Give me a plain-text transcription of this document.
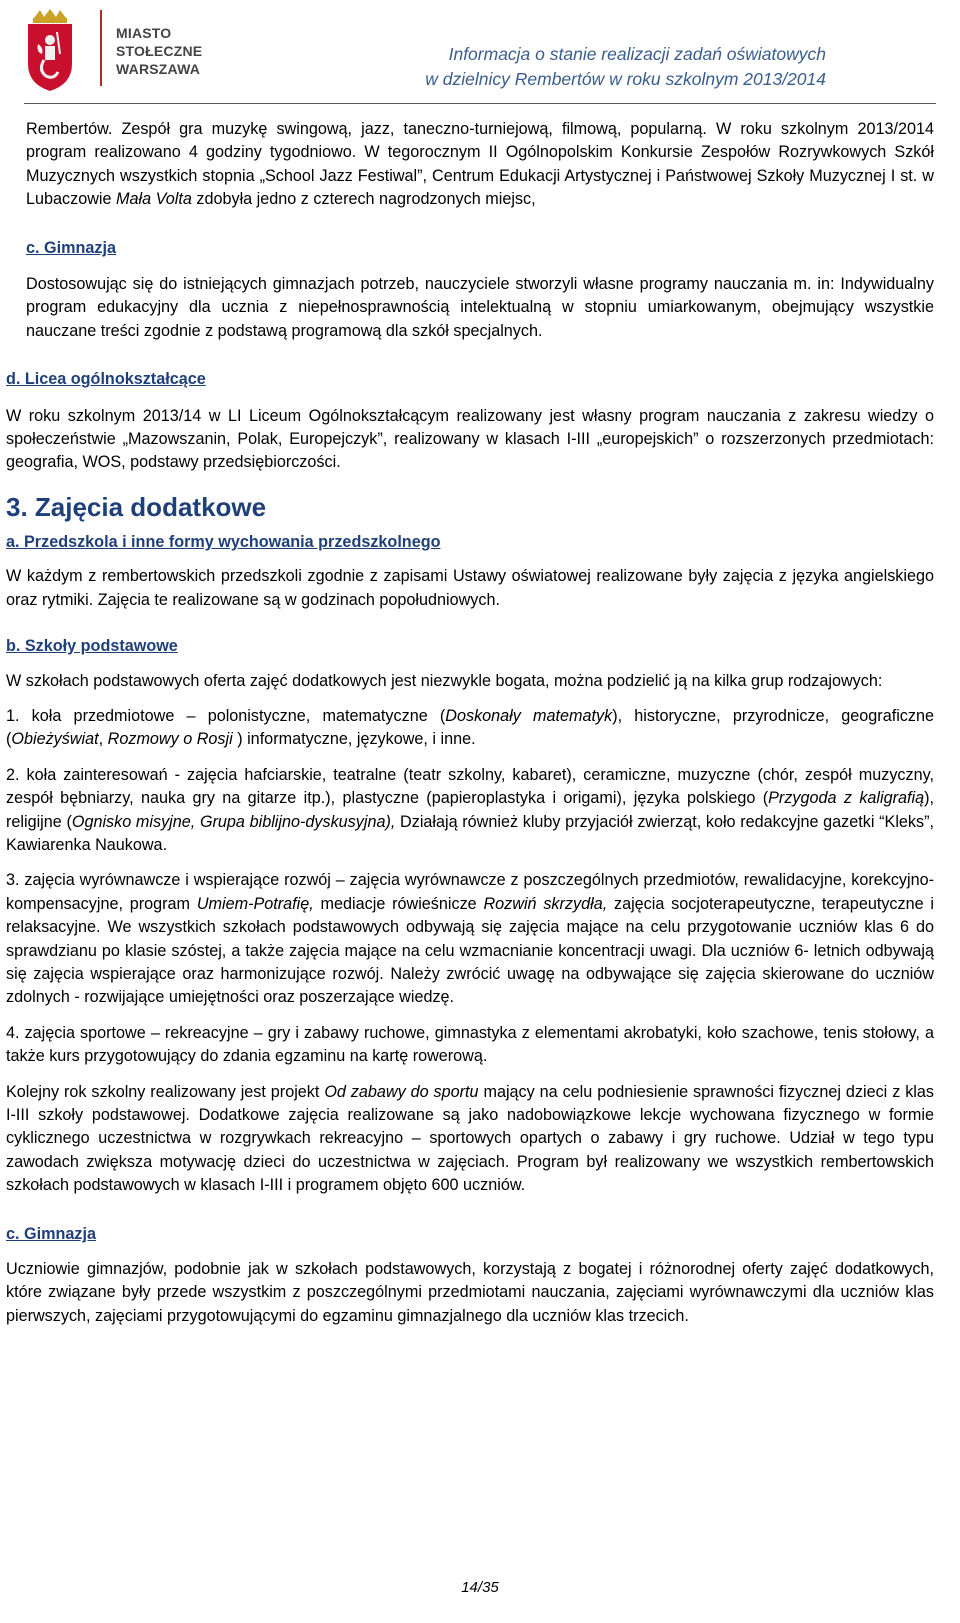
MIASTO
STOŁECZNE
WARSZAWA
Informacja o stanie realizacji zadań oświatowych
w dzielnicy Rembertów w roku szkolnym 2013/2014

Rembertów. Zespół gra muzykę swingową, jazz, taneczno-turniejową, filmową, popularną. W roku szkolnym 2013/2014 program realizowano 4 godziny tygodniowo. W tegorocznym II Ogólnopolskim Konkursie Zespołów Rozrywkowych Szkół Muzycznych wszystkich stopnia „School Jazz Festiwal”, Centrum Edukacji Artystycznej i Państwowej Szkoły Muzycznej I st. w Lubaczowie Mała Volta zdobyła jedno z czterech nagrodzonych miejsc,

c. Gimnazja

Dostosowując się do istniejących gimnazjach potrzeb, nauczyciele stworzyli własne programy nauczania m. in: Indywidualny program edukacyjny dla ucznia z niepełnosprawnością intelektualną w stopniu umiarkowanym, obejmujący wszystkie nauczane treści zgodnie z podstawą programową dla szkół specjalnych.

d. Licea ogólnokształcące

W roku szkolnym 2013/14 w LI Liceum Ogólnokształcącym realizowany jest własny program nauczania z zakresu wiedzy o społeczeństwie „Mazowszanin, Polak, Europejczyk”, realizowany w klasach I-III „europejskich” o rozszerzonych przedmiotach: geografia, WOS, podstawy przedsiębiorczości.

3. Zajęcia dodatkowe

a. Przedszkola i inne formy wychowania przedszkolnego

W każdym z rembertowskich przedszkoli zgodnie z zapisami Ustawy oświatowej realizowane były zajęcia z języka angielskiego oraz rytmiki. Zajęcia te realizowane są w godzinach popołudniowych.

b. Szkoły podstawowe

W szkołach podstawowych oferta zajęć dodatkowych jest niezwykle bogata, można podzielić ją na kilka grup rodzajowych:

1. koła przedmiotowe – polonistyczne, matematyczne (Doskonały matematyk), historyczne, przyrodnicze, geograficzne (Obieżyświat, Rozmowy o Rosji ) informatyczne, językowe, i inne.

2. koła zainteresowań - zajęcia hafciarskie, teatralne (teatr szkolny, kabaret), ceramiczne, muzyczne (chór, zespół muzyczny, zespół bębniarzy, nauka gry na gitarze itp.), plastyczne (papieroplastyka i origami), języka polskiego (Przygoda z kaligrafią), religijne (Ognisko misyjne, Grupa biblijno-dyskusyjna), Działają również kluby przyjaciół zwierząt, koło redakcyjne gazetki “Kleks”, Kawiarenka Naukowa.

3. zajęcia wyrównawcze i wspierające rozwój – zajęcia wyrównawcze z poszczególnych przedmiotów, rewalidacyjne, korekcyjno-kompensacyjne, program Umiem-Potrafię, mediacje rówieśnicze Rozwiń skrzydła, zajęcia socjoterapeutyczne, terapeutyczne i relaksacyjne. We wszystkich szkołach podstawowych odbywają się zajęcia mające na celu przygotowanie uczniów klas 6 do sprawdzianu po klasie szóstej, a także zajęcia mające na celu wzmacnianie koncentracji uwagi. Dla uczniów 6- letnich odbywają się zajęcia wspierające oraz harmonizujące rozwój. Należy zwrócić uwagę na odbywające się zajęcia skierowane do uczniów zdolnych - rozwijające umiejętności oraz poszerzające wiedzę.

4. zajęcia sportowe – rekreacyjne – gry i zabawy ruchowe, gimnastyka z elementami akrobatyki, koło szachowe, tenis stołowy, a także kurs przygotowujący do zdania egzaminu na kartę rowerową.

Kolejny rok szkolny realizowany jest projekt Od zabawy do sportu mający na celu podniesienie sprawności fizycznej dzieci z klas I-III szkoły podstawowej. Dodatkowe zajęcia realizowane są jako nadobowiązkowe lekcje wychowana fizycznego w formie cyklicznego uczestnictwa w rozgrywkach rekreacyjno – sportowych opartych o zabawy i gry ruchowe. Udział w tego typu zawodach zwiększa motywację dzieci do uczestnictwa w zajęciach. Program był realizowany we wszystkich rembertowskich szkołach podstawowych w klasach I-III i programem objęto 600 uczniów.

c. Gimnazja

Uczniowie gimnazjów, podobnie jak w szkołach podstawowych, korzystają z bogatej i różnorodnej oferty zajęć dodatkowych, które związane były przede wszystkim z poszczególnymi przedmiotami nauczania, zajęciami wyrównawczymi dla uczniów klas pierwszych, zajęciami przygotowującymi do egzaminu gimnazjalnego dla uczniów klas trzecich.

14/35
